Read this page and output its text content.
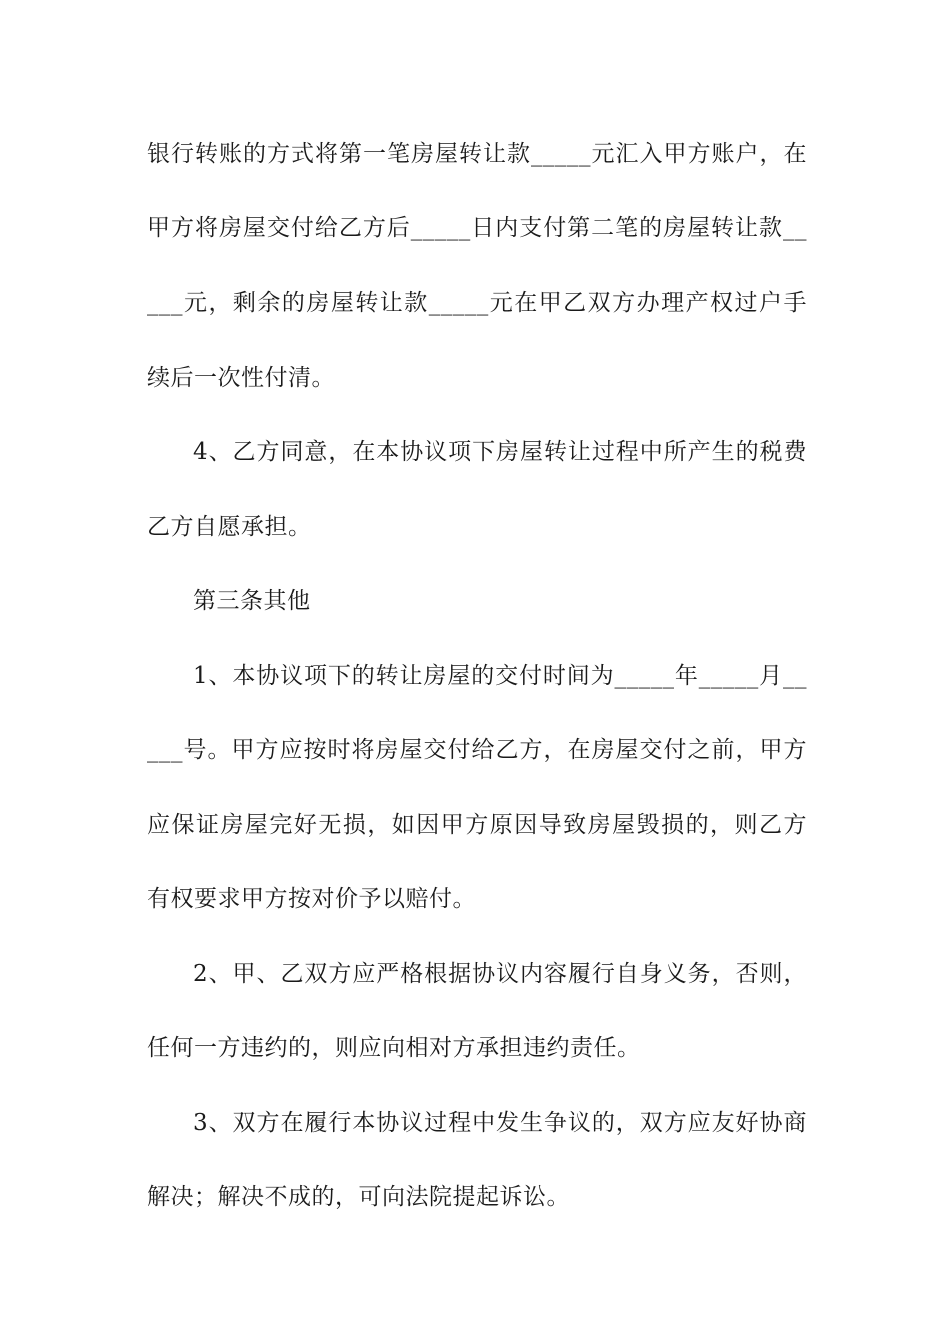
银行转账的方式将第一笔房屋转让款_____元汇入甲方账户，在
甲方将房屋交付给乙方后_____日内支付第二笔的房屋转让款__
___元，剩余的房屋转让款_____元在甲乙双方办理产权过户手
续后一次性付清。
4、乙方同意，在本协议项下房屋转让过程中所产生的税费
乙方自愿承担。
第三条其他
1、本协议项下的转让房屋的交付时间为_____年_____月__
___号。甲方应按时将房屋交付给乙方，在房屋交付之前，甲方
应保证房屋完好无损，如因甲方原因导致房屋毁损的，则乙方
有权要求甲方按对价予以赔付。
2、甲、乙双方应严格根据协议内容履行自身义务，否则，
任何一方违约的，则应向相对方承担违约责任。
3、双方在履行本协议过程中发生争议的，双方应友好协商
解决；解决不成的，可向法院提起诉讼。
